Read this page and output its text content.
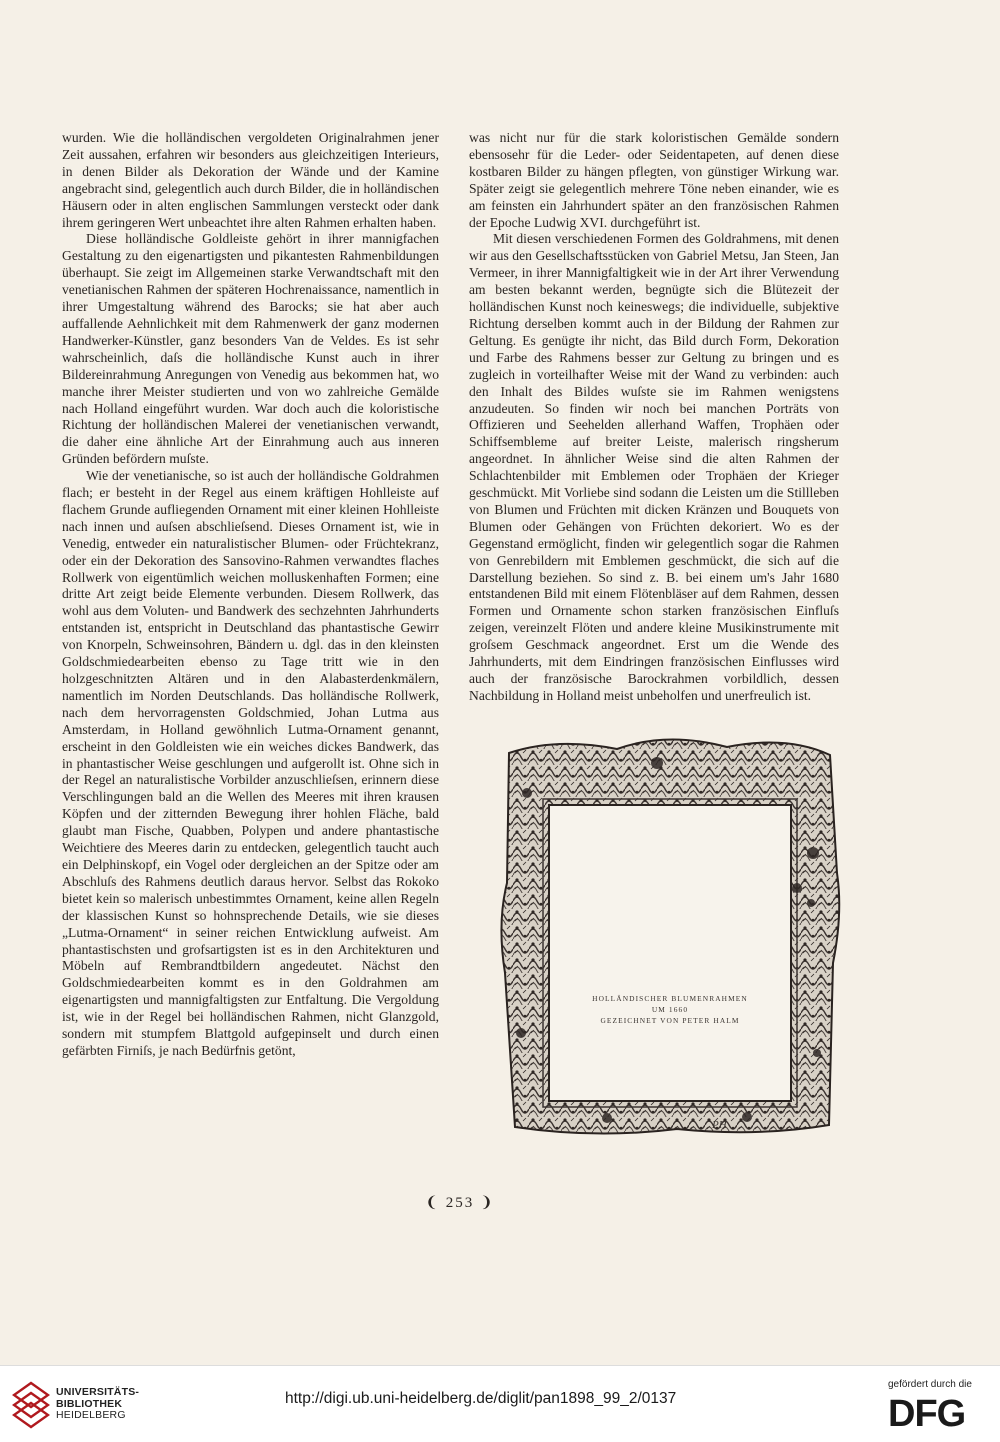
wurden. Wie die holländischen vergoldeten Originalrahmen jener Zeit aussahen, erfahren wir besonders aus gleichzeitigen Interieurs, in denen Bilder als Dekoration der Wände und der Kamine angebracht sind, gelegentlich auch durch Bilder, die in holländischen Häusern oder in alten englischen Sammlungen versteckt oder dank ihrem geringeren Wert unbeachtet ihre alten Rahmen erhalten haben.

Diese holländische Goldleiste gehört in ihrer mannigfachen Gestaltung zu den eigenartigsten und pikantesten Rahmenbildungen überhaupt. Sie zeigt im Allgemeinen starke Verwandtschaft mit den venetianischen Rahmen der späteren Hochrenaissance, namentlich in ihrer Umgestaltung während des Barocks; sie hat aber auch auffallende Aehnlichkeit mit dem Rahmenwerk der ganz modernen Handwerker-Künstler, ganz besonders Van de Veldes. Es ist sehr wahrscheinlich, daſs die holländische Kunst auch in ihrer Bildereinrahmung Anregungen von Venedig aus bekommen hat, wo manche ihrer Meister studierten und von wo zahlreiche Gemälde nach Holland eingeführt wurden. War doch auch die koloristische Richtung der holländischen Malerei der venetianischen verwandt, die daher eine ähnliche Art der Einrahmung auch aus inneren Gründen befördern muſste.

Wie der venetianische, so ist auch der holländische Goldrahmen flach; er besteht in der Regel aus einem kräftigen Hohlleiste auf flachem Grunde aufliegenden Ornament mit einer kleinen Hohlleiste nach innen und auſsen abschlieſsend. Dieses Ornament ist, wie in Venedig, entweder ein naturalistischer Blumen- oder Früchtekranz, oder ein der Dekoration des Sansovino-Rahmen verwandtes flaches Rollwerk von eigentümlich weichen molluskenhaften Formen; eine dritte Art zeigt beide Elemente verbunden. Diesem Rollwerk, das wohl aus dem Voluten- und Bandwerk des sechzehnten Jahrhunderts entstanden ist, entspricht in Deutschland das phantastische Gewirr von Knorpeln, Schweinsohren, Bändern u. dgl. das in den kleinsten Goldschmiedearbeiten ebenso zu Tage tritt wie in den holzgeschnitzten Altären und in den Alabasterdenkmälern, namentlich im Norden Deutschlands. Das holländische Rollwerk, nach dem hervorragensten Goldschmied, Johan Lutma aus Amsterdam, in Holland gewöhnlich Lutma-Ornament genannt, erscheint in den Goldleisten wie ein weiches dickes Bandwerk, das in phantastischer Weise geschlungen und aufgerollt ist. Ohne sich in der Regel an naturalistische Vorbilder anzuschlieſsen, erinnern diese Verschlingungen bald an die Wellen des Meeres mit ihren krausen Köpfen und der zitternden Bewegung ihrer hohlen Fläche, bald glaubt man Fische, Quabben, Polypen und andere phantastische Weichtiere des Meeres darin zu entdecken, gelegentlich taucht auch ein Delphinskopf, ein Vogel oder dergleichen an der Spitze oder am Abschluſs des Rahmens deutlich daraus hervor. Selbst das Rokoko bietet kein so malerisch unbestimmtes Ornament, keine allen Regeln der klassischen Kunst so hohnsprechende Details, wie sie dieses „Lutma-Ornament“ in seiner reichen Entwicklung aufweist. Am phantastischsten und grofsartigsten ist es in den Architekturen und Möbeln auf Rembrandtbildern angedeutet. Nächst den Goldschmiedearbeiten kommt es in den Goldrahmen am eigenartigsten und mannigfaltigsten zur Entfaltung. Die Vergoldung ist, wie in der Regel bei holländischen Rahmen, nicht Glanzgold, sondern mit stumpfem Blattgold aufgepinselt und durch einen gefärbten Firniſs, je nach Bedürfnis getönt,

was nicht nur für die stark koloristischen Gemälde sondern ebensosehr für die Leder- oder Seidentapeten, auf denen diese kostbaren Bilder zu hängen pflegten, von günstiger Wirkung war. Später zeigt sie gelegentlich mehrere Töne neben einander, wie es am feinsten ein Jahrhundert später an den französischen Rahmen der Epoche Ludwig XVI. durchgeführt ist.

Mit diesen verschiedenen Formen des Goldrahmens, mit denen wir aus den Gesellschaftsstücken von Gabriel Metsu, Jan Steen, Jan Vermeer, in ihrer Mannigfaltigkeit wie in der Art ihrer Verwendung am besten bekannt werden, begnügte sich die Blütezeit der holländischen Kunst noch keineswegs; die individuelle, subjektive Richtung derselben kommt auch in der Bildung der Rahmen zur Geltung. Es genügte ihr nicht, das Bild durch Form, Dekoration und Farbe des Rahmens besser zur Geltung zu bringen und es zugleich in vorteilhafter Weise mit der Wand zu verbinden: auch den Inhalt des Bildes wuſste sie im Rahmen wenigstens anzudeuten. So finden wir noch bei manchen Porträts von Offizieren und Seehelden allerhand Waffen, Trophäen oder Schiffsembleme auf breiter Leiste, malerisch ringsherum angeordnet. In ähnlicher Weise sind die alten Rahmen der Schlachtenbilder mit Emblemen oder Trophäen der Krieger geschmückt. Mit Vorliebe sind sodann die Leisten um die Stillleben von Blumen und Früchten mit dicken Kränzen und Bouquets von Blumen oder Gehängen von Früchten dekoriert. Wo es der Gegenstand ermöglicht, finden wir gelegentlich sogar die Rahmen von Genrebildern mit Emblemen geschmückt, die sich auf die Darstellung beziehen. So sind z. B. bei einem um's Jahr 1680 entstandenen Bild mit einem Flötenbläser auf dem Rahmen, dessen Formen und Ornamente schon starken französischen Einfluſs zeigen, vereinzelt Flöten und andere kleine Musikinstrumente mit groſsem Geschmack angeordnet. Erst um die Wende des Jahrhunderts, mit dem Eindringen französischen Einflusses wird auch der französische Barockrahmen vorbildlich, dessen Nachbildung in Holland meist unbeholfen und unerfreulich ist.

HOLLÄNDISCHER BLUMENRAHMEN
UM 1660
GEZEICHNET VON PETER HALM
PH
❨ 253 ❩
UNIVERSITÄTS-
BIBLIOTHEK
HEIDELBERG
http://digi.ub.uni-heidelberg.de/diglit/pan1898_99_2/0137
gefördert durch die
DFG
